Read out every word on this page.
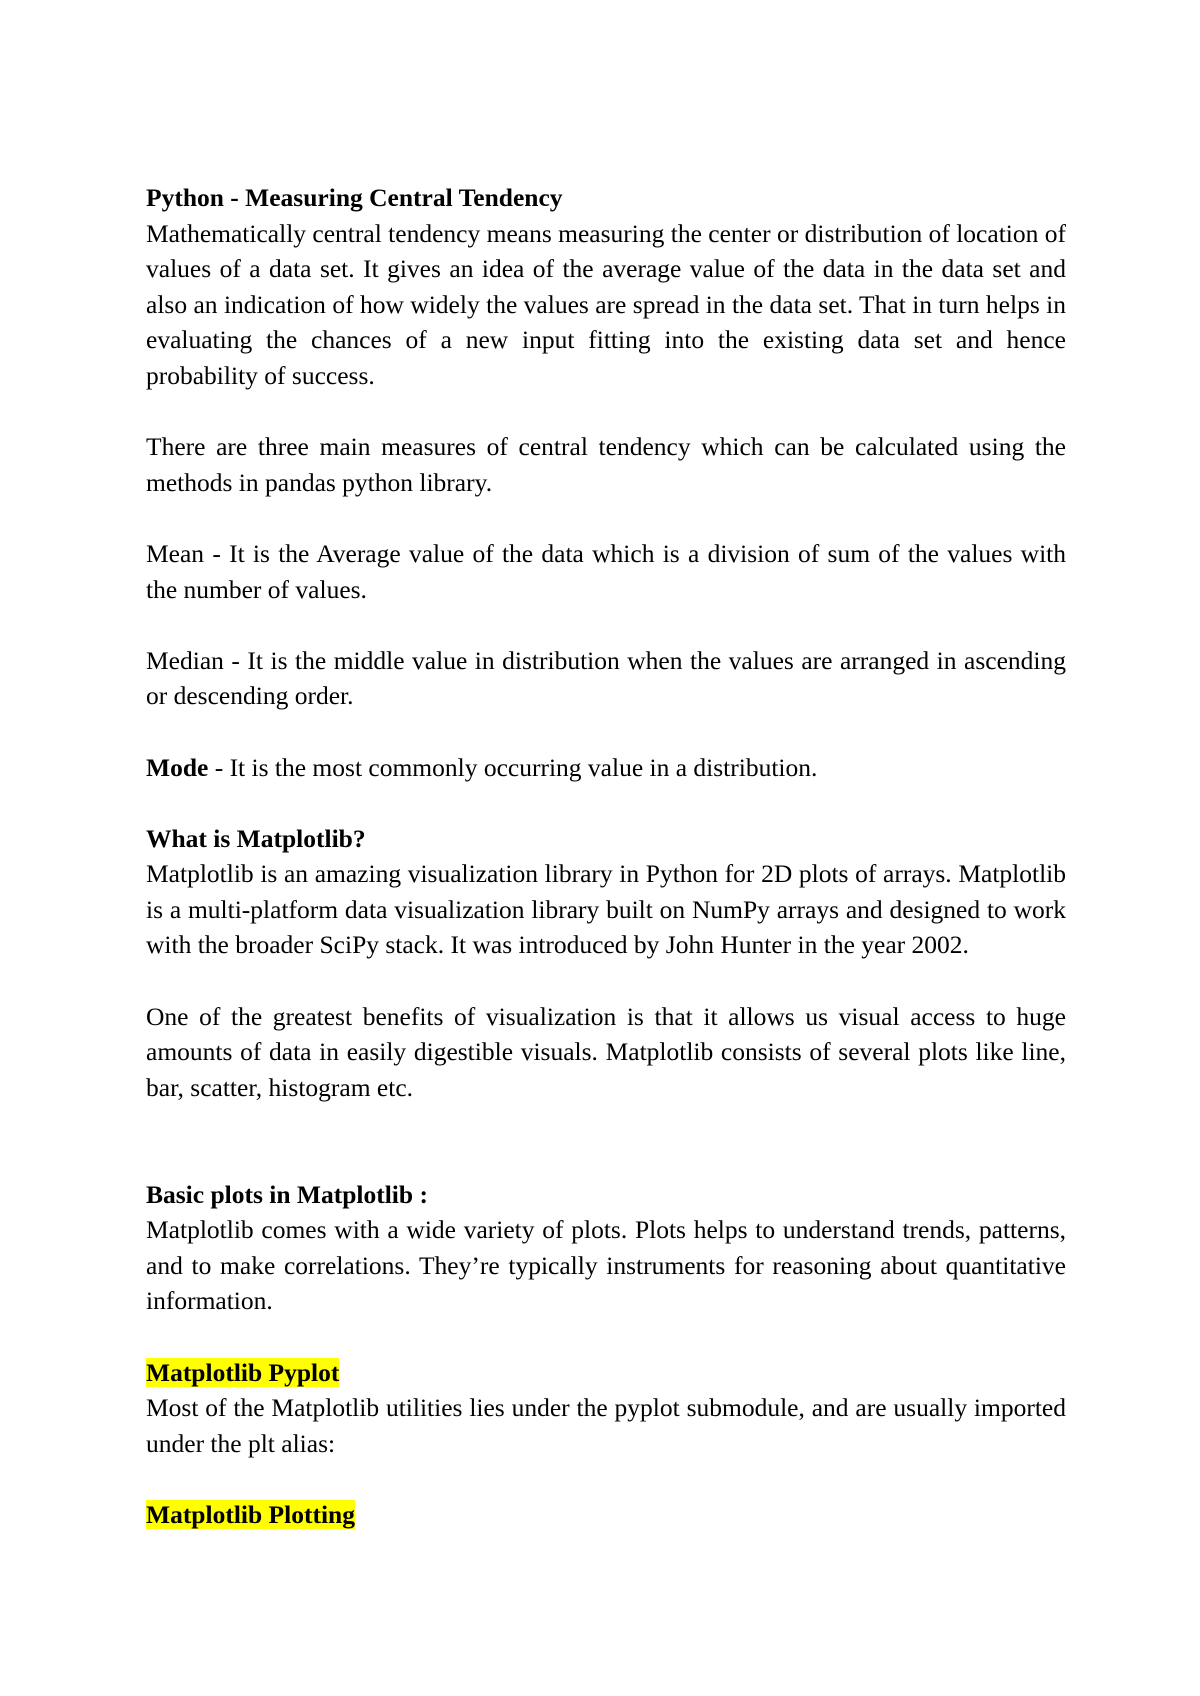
Python - Measuring Central Tendency

Mathematically central tendency means measuring the center or distribution of location of values of a data set. It gives an idea of the average value of the data in the data set and also an indication of how widely the values are spread in the data set. That in turn helps in evaluating the chances of a new input fitting into the existing data set and hence probability of success.

There are three main measures of central tendency which can be calculated using the methods in pandas python library.

Mean - It is the Average value of the data which is a division of sum of the values with the number of values.

Median - It is the middle value in distribution when the values are arranged in ascending or descending order.

Mode - It is the most commonly occurring value in a distribution.

What is Matplotlib?

Matplotlib is an amazing visualization library in Python for 2D plots of arrays. Matplotlib is a multi-platform data visualization library built on NumPy arrays and designed to work with the broader SciPy stack. It was introduced by John Hunter in the year 2002.

One of the greatest benefits of visualization is that it allows us visual access to huge amounts of data in easily digestible visuals. Matplotlib consists of several plots like line, bar, scatter, histogram etc.

Basic plots in Matplotlib :

Matplotlib comes with a wide variety of plots. Plots helps to understand trends, patterns, and to make correlations. They’re typically instruments for reasoning about quantitative information.

Matplotlib Pyplot

Most of the Matplotlib utilities lies under the pyplot submodule, and are usually imported under the plt alias:

Matplotlib Plotting
